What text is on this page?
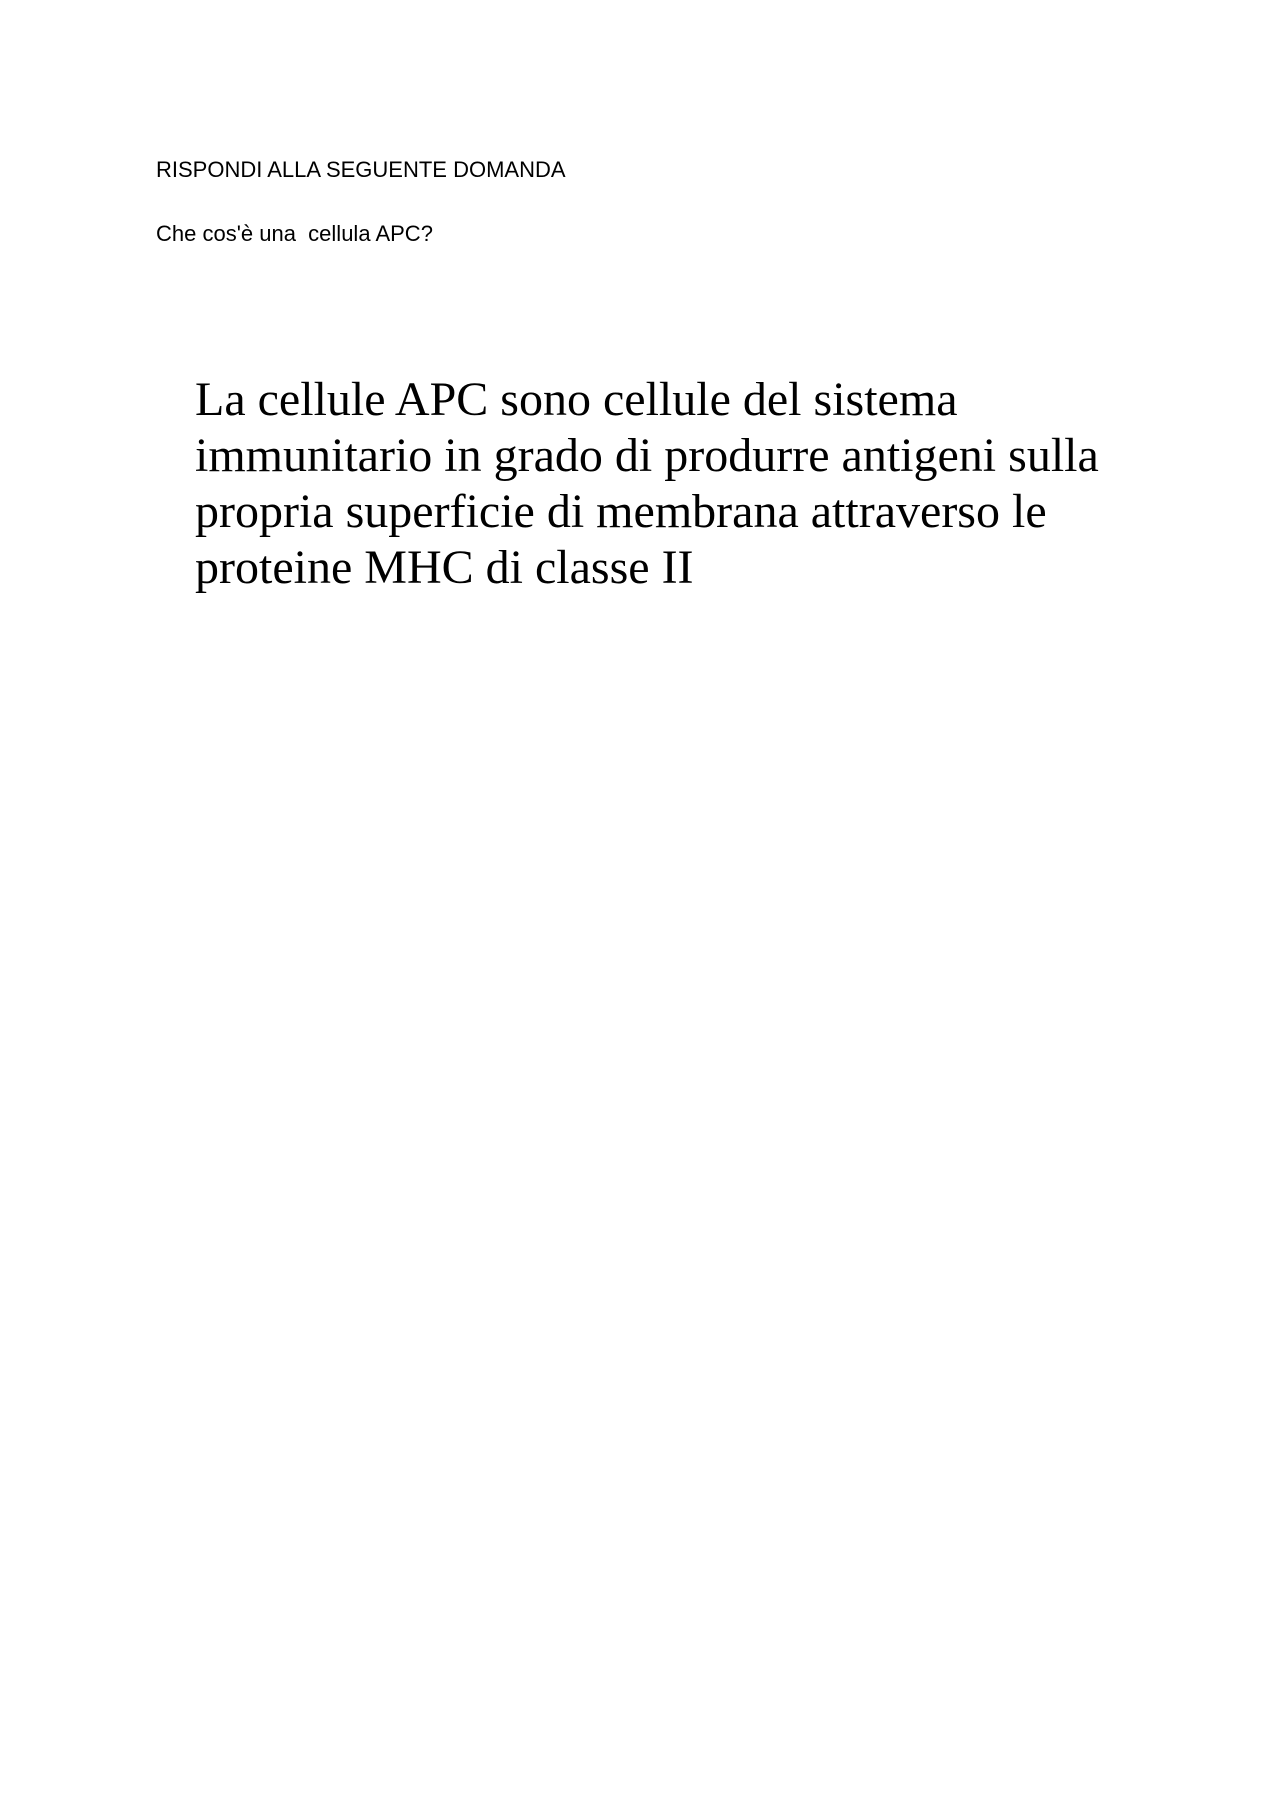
RISPONDI ALLA SEGUENTE DOMANDA

Che cos'è una  cellula APC?

La cellule APC sono cellule del sistema
immunitario in grado di produrre antigeni sulla
propria superficie di membrana attraverso le
proteine MHC di classe II
